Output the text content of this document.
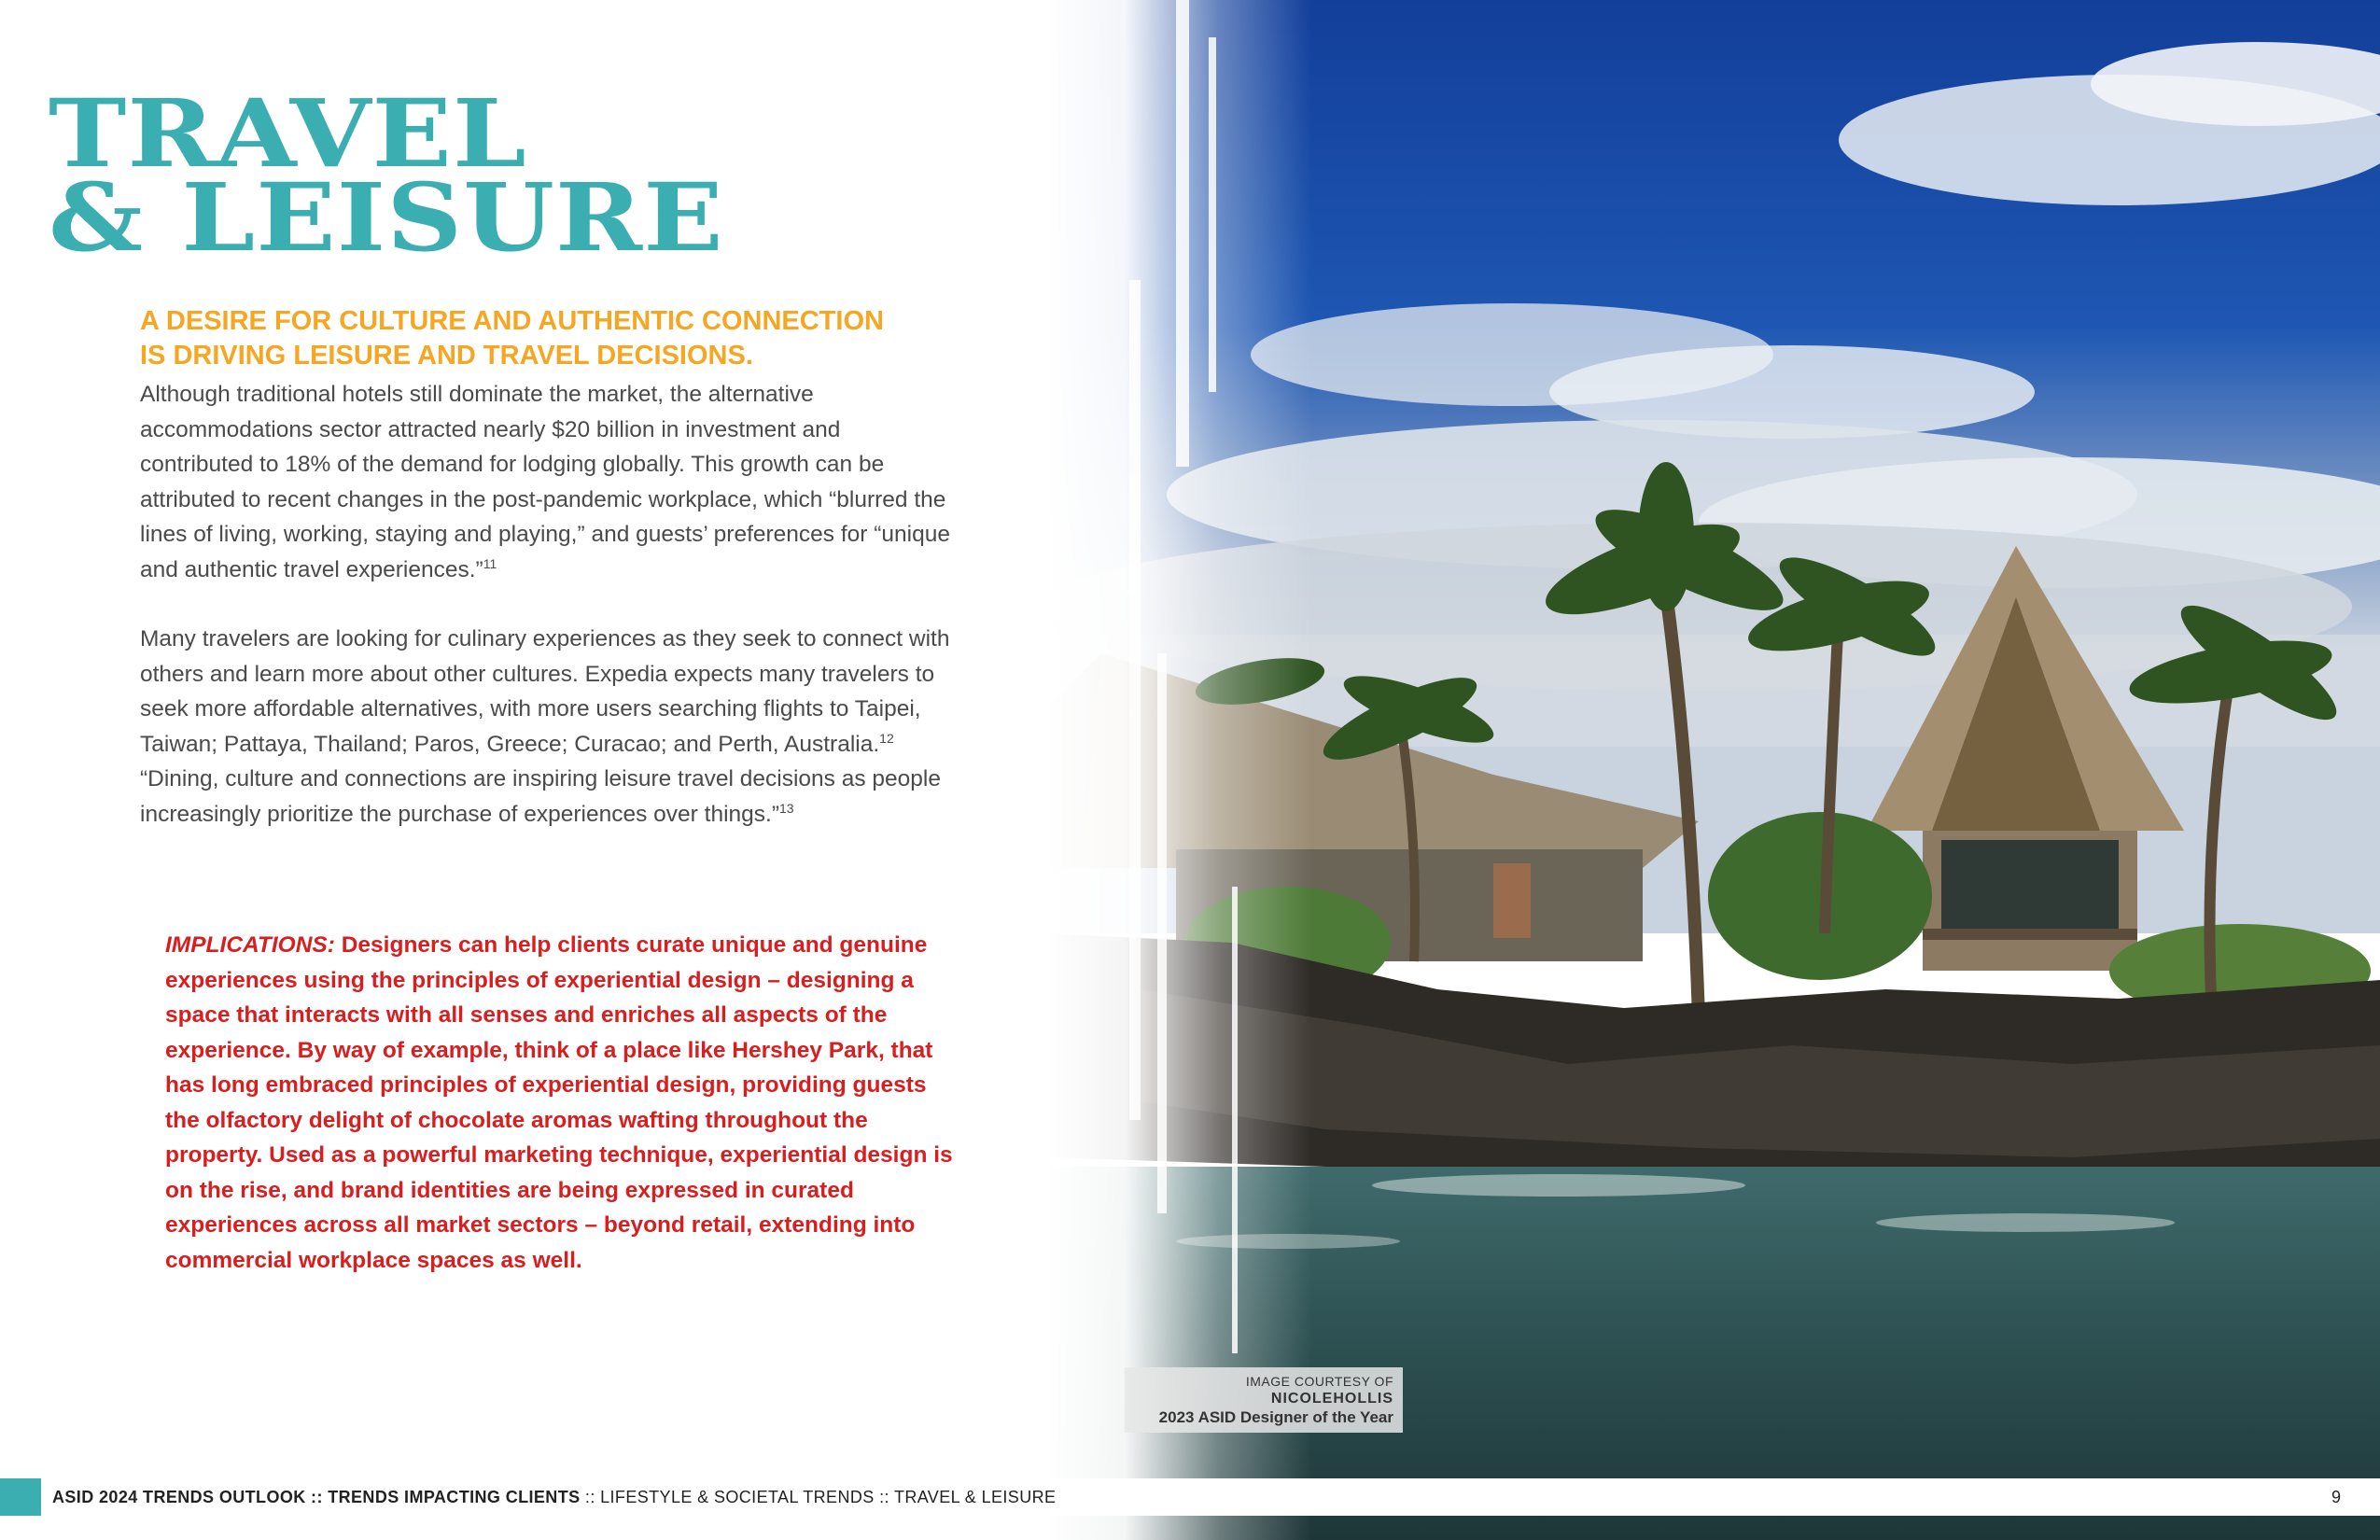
TRAVEL
& LEISURE
A DESIRE FOR CULTURE AND AUTHENTIC CONNECTION
IS DRIVING LEISURE AND TRAVEL DECISIONS.
Although traditional hotels still dominate the market, the alternative accommodations sector attracted nearly $20 billion in investment and contributed to 18% of the demand for lodging globally. This growth can be attributed to recent changes in the post-pandemic workplace, which “blurred the lines of living, working, staying and playing,” and guests’ preferences for “unique and authentic travel experiences.”$^{11}$
Many travelers are looking for culinary experiences as they seek to connect with others and learn more about other cultures. Expedia expects many travelers to seek more affordable alternatives, with more users searching flights to Taipei, Taiwan; Pattaya, Thailand; Paros, Greece; Curacao; and Perth, Australia.$^{12}$ “Dining, culture and connections are inspiring leisure travel decisions as people increasingly prioritize the purchase of experiences over things.”$^{13}$
IMPLICATIONS: Designers can help clients curate unique and genuine experiences using the principles of experiential design – designing a space that interacts with all senses and enriches all aspects of the experience. By way of example, think of a place like Hershey Park, that has long embraced principles of experiential design, providing guests the olfactory delight of chocolate aromas wafting throughout the property. Used as a powerful marketing technique, experiential design is on the rise, and brand identities are being expressed in curated experiences across all market sectors – beyond retail, extending into commercial workplace spaces as well.
IMAGE COURTESY OF
NICOLEHOLLIS
2023 ASID Designer of the Year
ASID 2024 TRENDS OUTLOOK :: TRENDS IMPACTING CLIENTS :: LIFESTYLE & SOCIETAL TRENDS :: TRAVEL & LEISURE	9
